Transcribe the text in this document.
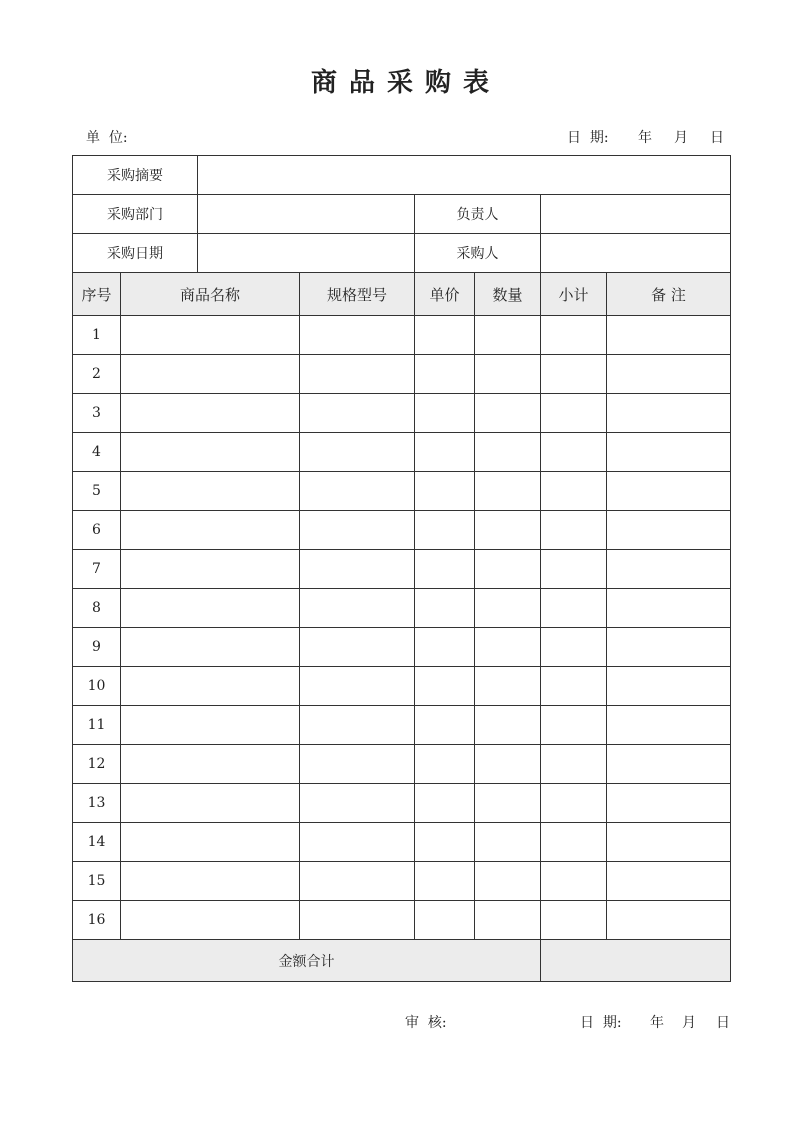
商品采购表
单  位:	日  期: 年 月 日
采购摘要							
采购部门				负责人			
采购日期				采购人			
序号	商品名称		规格型号	单价	数量	小计	备 注
1							
2							
3							
4							
5							
6							
7							
8							
9							
10							
11							
12							
13							
14							
15							
16							
金额合计							
审  核:	日  期: 年 月 日
